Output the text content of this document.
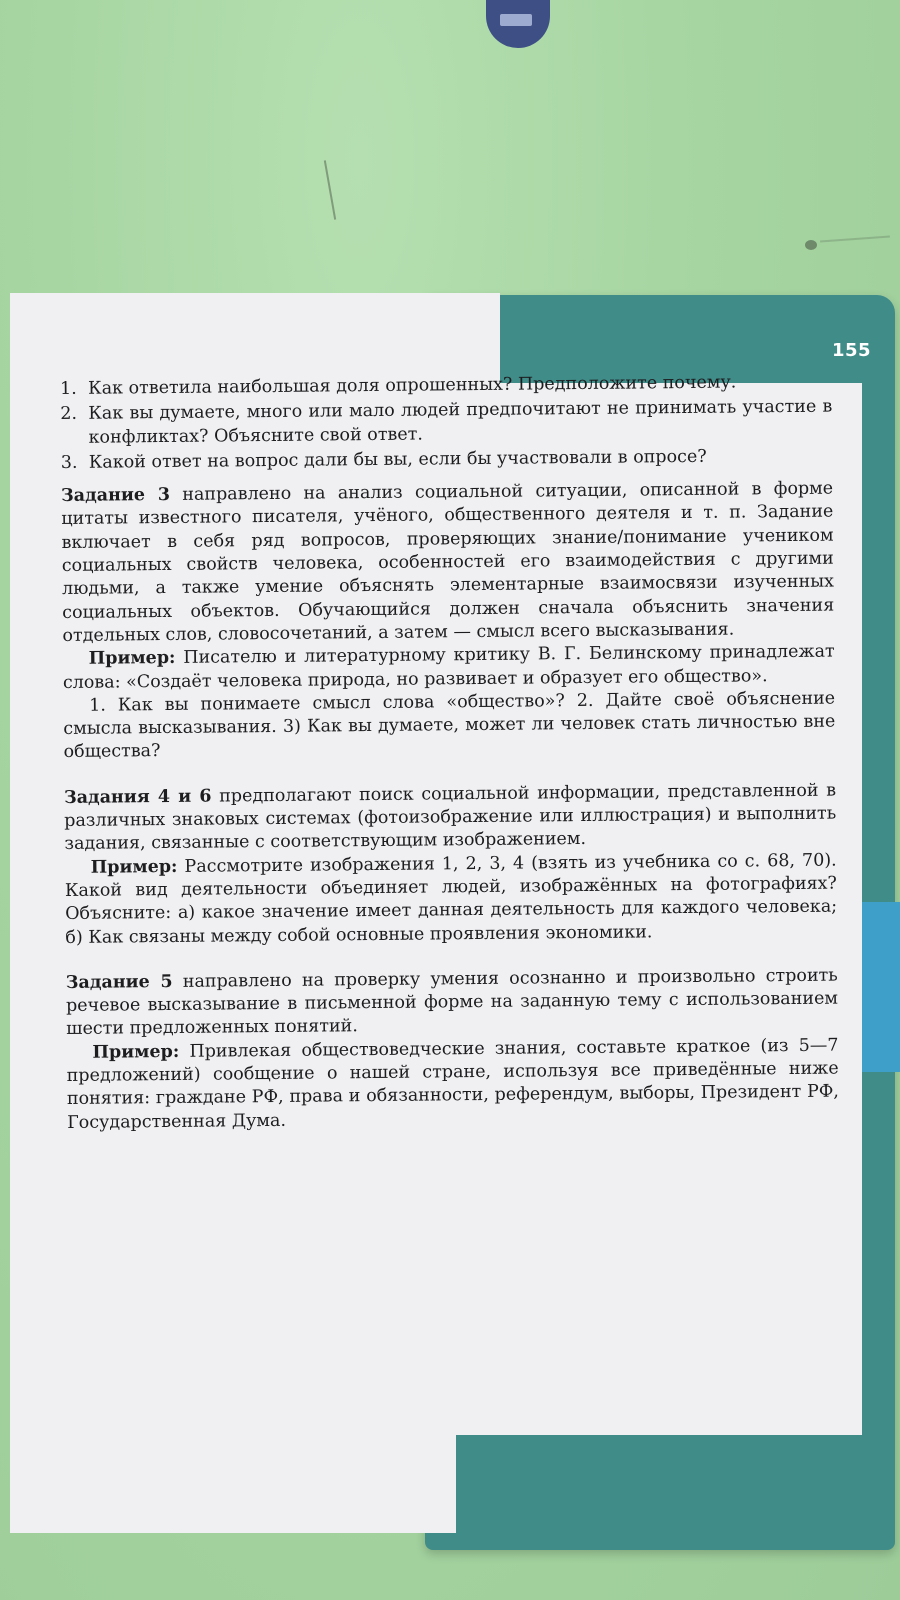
155
1. Как ответила наибольшая доля опрошенных? Предположите почему.
2. Как вы думаете, много или мало людей предпочитают не принимать участие в конфликтах? Объясните свой ответ.
3. Какой ответ на вопрос дали бы вы, если бы участвовали в опросе?

Задание 3 направлено на анализ социальной ситуации, описанной в форме цитаты известного писателя, учёного, общественного деятеля и т. п. Задание включает в себя ряд вопросов, проверяющих знание/понимание учеником социальных свойств человека, особенностей его взаимодействия с другими людьми, а также умение объяснять элементарные взаимосвязи изученных социальных объектов. Обучающийся должен сначала объяснить значения отдельных слов, словосочетаний, а затем — смысл всего высказывания.

Пример: Писателю и литературному критику В. Г. Белинскому принадлежат слова: «Создаёт человека природа, но развивает и образует его общество».

1. Как вы понимаете смысл слова «общество»? 2. Дайте своё объяснение смысла высказывания. 3) Как вы думаете, может ли человек стать личностью вне общества?

Задания 4 и 6 предполагают поиск социальной информации, представленной в различных знаковых системах (фотоизображение или иллюстрация) и выполнить задания, связанные с соответствующим изображением.

Пример: Рассмотрите изображения 1, 2, 3, 4 (взять из учебника со с. 68, 70). Какой вид деятельности объединяет людей, изображённых на фотографиях? Объясните: а) какое значение имеет данная деятельность для каждого человека; б) Как связаны между собой основные проявления экономики.

Задание 5 направлено на проверку умения осознанно и произвольно строить речевое высказывание в письменной форме на заданную тему с использованием шести предложенных понятий.

Пример: Привлекая обществоведческие знания, составьте краткое (из 5—7 предложений) сообщение о нашей стране, используя все приведённые ниже понятия: граждане РФ, права и обязанности, референдум, выборы, Президент РФ, Государственная Дума.
